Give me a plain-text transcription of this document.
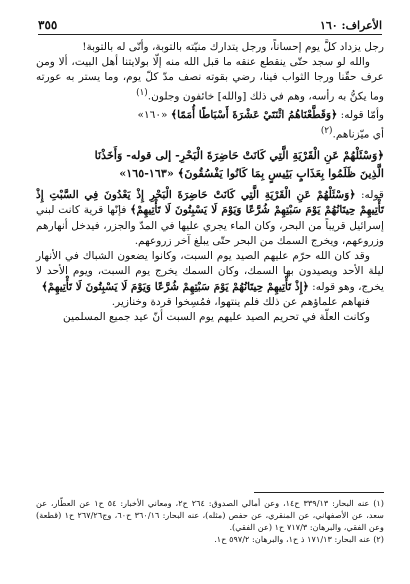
الأعراف: ١٦٠
٣٥٥

رجل يزداد كلَّ يوم إحساناً، ورجل يتدارك منيّته بالتوبة، وأنّى له بالتوبة!

والله لو سجد حتّى ينقطع عنقه ما قبل الله منه إلّا بولايتنا أهل البيت، ألا ومن عرف حقّنا ورجا الثواب فينا، رضي بقوته نصف مدّ كلّ يوم، وما يستر به عورته وما يكنُّ به رأسه، وهم في ذلك [والله] خائفون وجلون.$^{(١)}$

وأمّا قوله: ﴿وَقَطَّعْنَاهُمُ اثْنَتَيْ عَشْرَةَ أَسْبَاطًا أُمَمًا﴾ «١٦٠»

أي ميّزناهم.$^{(٢)}$

﴿وَسْئَلْهُمْ عَنِ الْقَرْيَةِ الَّتِي كَانَتْ حَاضِرَةَ الْبَحْرِ- إلى قوله- وَأَخَذْنَا
الَّذِينَ ظَلَمُوا بِعَذَابٍ بَئِيسٍ بِمَا كَانُوا يَفْسُقُونَ﴾ «١٦٣-١٦٥»

قوله: ﴿وَسْئَلْهُمْ عَنِ الْقَرْيَةِ الَّتِي كَانَتْ حَاضِرَةَ الْبَحْرِ إِذْ يَعْدُونَ فِي السَّبْتِ إِذْ تَأْتِيهِمْ حِيتَانُهُمْ يَوْمَ سَبْتِهِمْ شُرَّعًا وَيَوْمَ لَا يَسْبِتُونَ لَا تَأْتِيهِمْ﴾ فإنّها قرية كانت لبني إسرائيل قريباً من البحر، وكان الماء يجري عليها في المدّ والجزر، فيدخل أنهارهم وزروعهم، ويخرج السمك من البحر حتّى يبلغ آخر زروعهم.

وقد كان الله حرّم عليهم الصيد يوم السبت، وكانوا يضعون الشباك في الأنهار ليلة الأحد ويصيدون بها السمك، وكان السمك يخرج يوم السبت، ويوم الأحد لا يخرج، وهو قوله: ﴿إِذْ تَأْتِيهِمْ حِيتَانُهُمْ يَوْمَ سَبْتِهِمْ شُرَّعًا وَيَوْمَ لَا يَسْبِتُونَ لَا تَأْتِيهِمْ﴾

فنهاهم علماؤهم عن ذلك فلم ينتهوا، فمُسِخوا قردة وخنازير.

وكانت العلّة في تحريم الصيد عليهم يوم السبت أنّ عيد جميع المسلمين

(١) عنه البحار: ٣٣٩/١٣ ح١٤، وعن أمالي الصدوق: ٢٦٤ ح٢، ومعاني الأخبار: ٥٤ ح١ عن العطّار، عن سعد، عن الأصفهاني، عن المنقري، عن حفص (مثله)، عنه البحار: ٣٦٠/١٦ ح٦٠، وج٢٦٧/٢٦ ح١ (قطعة) وعن الفقي، والبرهان: ٧١٧/٣ ح١ (عن الفقي).

(٢) عنه البحار: ١٧١/١٣ ذ ح١، والبرهان: ٥٩٧/٢ ح١.
